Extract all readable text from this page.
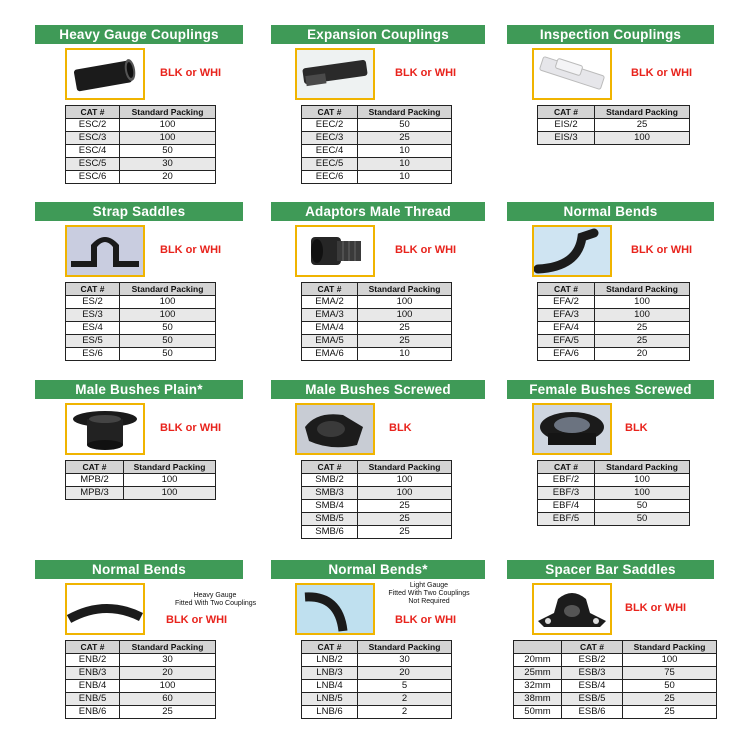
Heavy Gauge Couplings
BLK or WHI
CAT #	Standard Packing
ESC/2	100
ESC/3	100
ESC/4	50
ESC/5	30
ESC/6	20
Expansion Couplings
BLK or WHI
CAT #	Standard Packing
EEC/2	50
EEC/3	25
EEC/4	10
EEC/5	10
EEC/6	10
Inspection Couplings
BLK or WHI
CAT #	Standard Packing
EIS/2	25
EIS/3	100
Strap Saddles
BLK or WHI
CAT #	Standard Packing
ES/2	100
ES/3	100
ES/4	50
ES/5	50
ES/6	50
Adaptors Male Thread
BLK or WHI
CAT #	Standard Packing
EMA/2	100
EMA/3	100
EMA/4	25
EMA/5	25
EMA/6	10
Normal Bends
BLK or WHI
CAT #	Standard Packing
EFA/2	100
EFA/3	100
EFA/4	25
EFA/5	25
EFA/6	20
Male Bushes Plain*
BLK or WHI
CAT #	Standard Packing
MPB/2	100
MPB/3	100
Male Bushes Screwed
BLK
CAT #	Standard Packing
SMB/2	100
SMB/3	100
SMB/4	25
SMB/5	25
SMB/6	25
Female Bushes Screwed
BLK
CAT #	Standard Packing
EBF/2	100
EBF/3	100
EBF/4	50
EBF/5	50
Normal Bends
Heavy Gauge
Fitted With Two Couplings
BLK or WHI
CAT #	Standard Packing
ENB/2	30
ENB/3	20
ENB/4	100
ENB/5	60
ENB/6	25
Normal Bends*
Light Gauge
Fitted With Two Couplings
Not Required
BLK or WHI
CAT #	Standard Packing
LNB/2	30
LNB/3	20
LNB/4	5
LNB/5	2
LNB/6	2
Spacer Bar Saddles
BLK or WHI
	CAT #	Standard Packing
20mm	ESB/2	100
25mm	ESB/3	75
32mm	ESB/4	50
38mm	ESB/5	25
50mm	ESB/6	25
